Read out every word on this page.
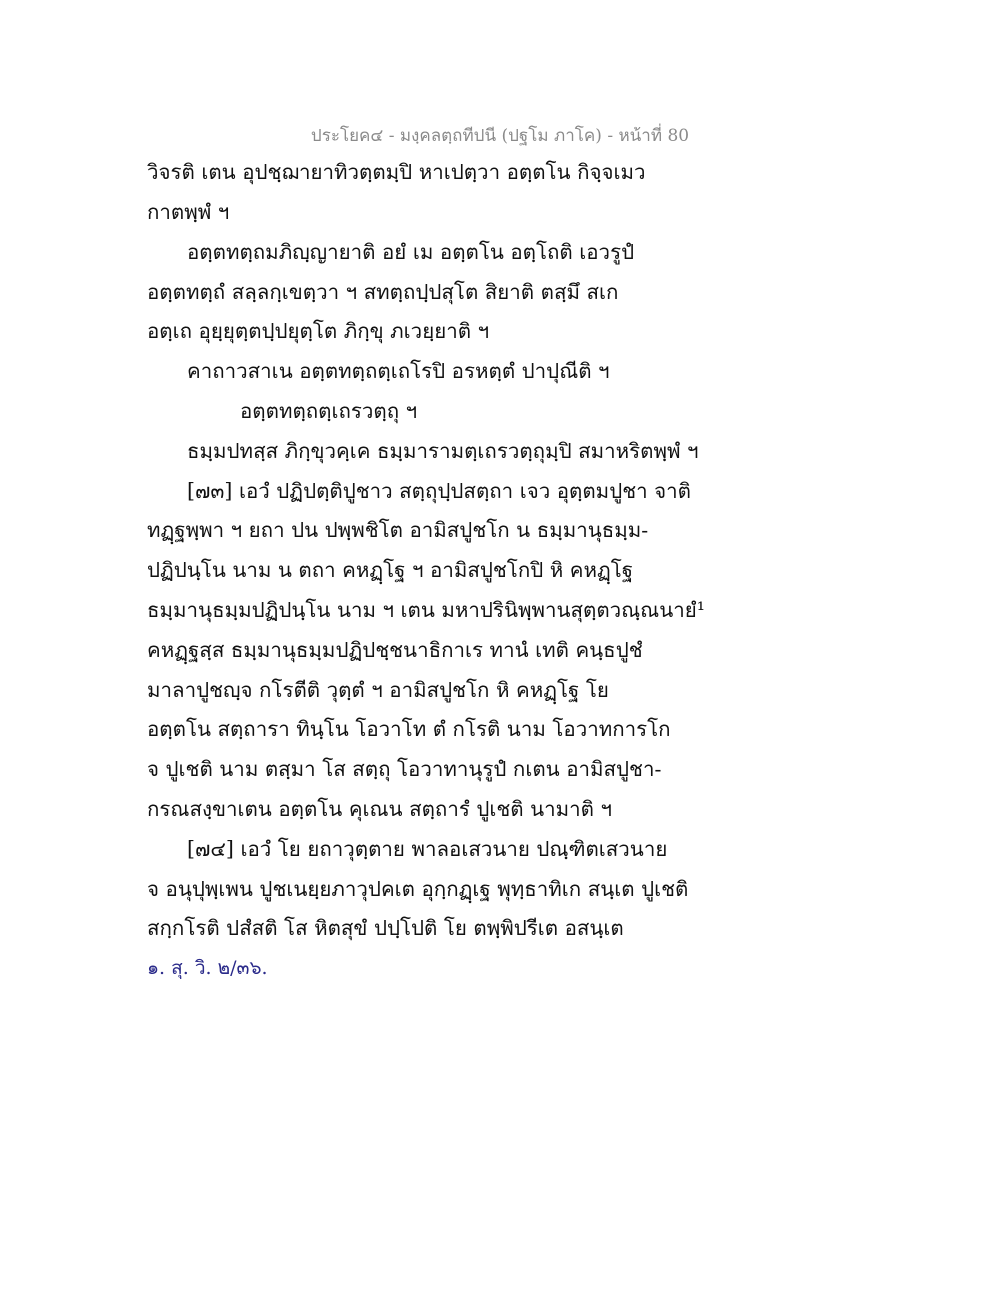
ประโยค๔ - มงฺคลตฺถทีปนี (ปฐโม ภาโค) - หน้าที่ 80
วิจรติ เตน อุปชฺฌายาทิวตฺตมฺปิ หาเปตฺวา อตฺตโน กิจฺจเมว
กาตพฺพํ ฯ
อตฺตทตฺถมภิญฺญายาติ อยํ เม อตฺตโน อตฺโถติ เอวรูปํ
อตฺตทตฺถํ สลฺลกฺเขตฺวา ฯ สทตฺถปฺปสุโต สิยาติ ตสฺมึ สเก
อตฺเถ อุยฺยุตฺตปฺปยุตฺโต ภิกฺขุ ภเวยฺยาติ ฯ
คาถาวสาเน อตฺตทตฺถตฺเถโรปิ อรหตฺตํ ปาปุณีติ ฯ
อตฺตทตฺถตฺเถรวตฺถุ ฯ
ธมฺมปทสฺส ภิกฺขุวคฺเค ธมฺมารามตฺเถรวตฺถุมฺปิ สมาหริตพฺพํ ฯ
[๗๓] เอวํ ปฏิปตฺติปูชาว สตฺถุปฺปสตฺถา เจว อุตฺตมปูชา จาติ
ทฏฺฐพฺพา ฯ ยถา ปน ปพฺพชิโต อามิสปูชโก น ธมฺมานุธมฺม-
ปฏิปนฺโน นาม น ตถา คหฏฺโฐ ฯ อามิสปูชโกปิ หิ คหฏฺโฐ
ธมฺมานุธมฺมปฏิปนฺโน นาม ฯ เตน มหาปรินิพฺพานสุตฺตวณฺณนายํ¹
คหฏฺฐสฺส ธมฺมานุธมฺมปฏิปชฺชนาธิกาเร ทานํ เทติ คนฺธปูชํ
มาลาปูชญฺจ กโรตีติ วุตฺตํ ฯ อามิสปูชโก หิ คหฏฺโฐ โย
อตฺตโน สตฺถารา ทินฺโน โอวาโท ตํ กโรติ นาม โอวาทการโก
จ ปูเชติ นาม ตสฺมา โส สตฺถุ โอวาทานุรูปํ กเตน อามิสปูชา-
กรณสงฺขาเตน อตฺตโน คุเณน สตฺถารํ ปูเชติ นามาติ ฯ
[๗๔] เอวํ โย ยถาวุตฺตาย พาลอเสวนาย ปณฺฑิตเสวนาย
จ อนุปุพฺเพน ปูชเนยฺยภาวุปคเต อุกฺกฏฺเฐ พุทฺธาทิเก สนฺเต ปูเชติ
สกฺกโรติ ปสํสติ โส หิตสุขํ ปปฺโปติ โย ตพฺพิปรีเต อสนฺเต
๑. สุ. วิ. ๒/๓๖.
